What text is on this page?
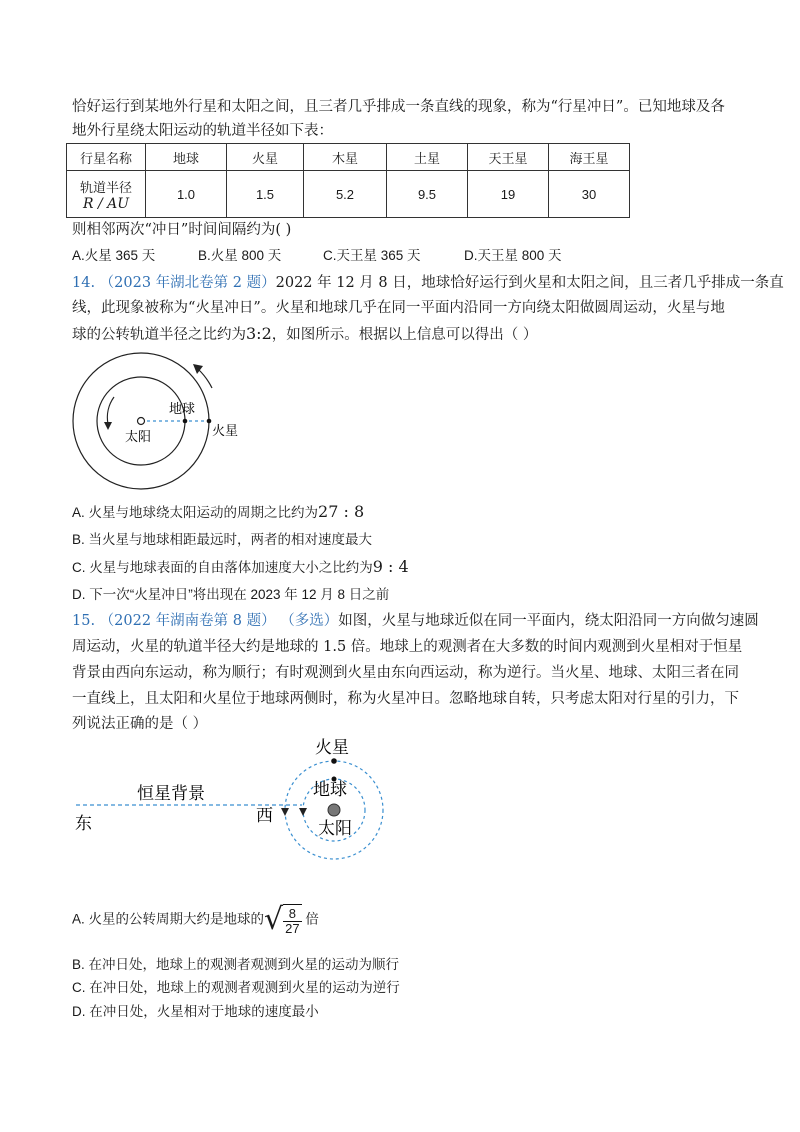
恰好运行到某地外行星和太阳之间，且三者几乎排成一条直线的现象，称为“行星冲日”。已知地球及各
地外行星绕太阳运动的轨道半径如下表：
行星名称	地球	火星	木星	土星	天王星	海王星

轨道半径
R / AU	1.0	1.5	5.2	9.5	19	30
则相邻两次“冲日”时间间隔约为( )
A.火星 365 天	B.火星 800 天	C.天王星 365 天	D.天王星 800 天
14. （2023 年湖北卷第 2 题）2022 年 12 月 8 日，地球恰好运行到火星和太阳之间，且三者几乎排成一条直
线，此现象被称为“火星冲日”。火星和地球几乎在同一平面内沿同一方向绕太阳做圆周运动，火星与地
球的公转轨道半径之比约为3:2，如图所示。根据以上信息可以得出（ ）
地球
太阳	火星
A. 火星与地球绕太阳运动的周期之比约为27 : 8
B. 当火星与地球相距最远时，两者的相对速度最大
C. 火星与地球表面的自由落体加速度大小之比约为9 : 4
D. 下一次“火星冲日”将出现在 2023 年 12 月 8 日之前
15. （2022 年湖南卷第 8 题） （多选）如图，火星与地球近似在同一平面内，绕太阳沿同一方向做匀速圆
周运动，火星的轨道半径大约是地球的 1.5 倍。地球上的观测者在大多数的时间内观测到火星相对于恒星
背景由西向东运动，称为顺行；有时观测到火星由东向西运动，称为逆行。当火星、地球、太阳三者在同
一直线上，且太阳和火星位于地球两侧时，称为火星冲日。忽略地球自转，只考虑太阳对行星的引力，下
列说法正确的是（ ）
火星
地球
太阳
恒星背景
东	西
A. 火星的公转周期大约是地球的√ $\frac{8}{27}$ 倍
B. 在冲日处，地球上的观测者观测到火星的运动为顺行
C. 在冲日处，地球上的观测者观测到火星的运动为逆行
D. 在冲日处，火星相对于地球的速度最小
